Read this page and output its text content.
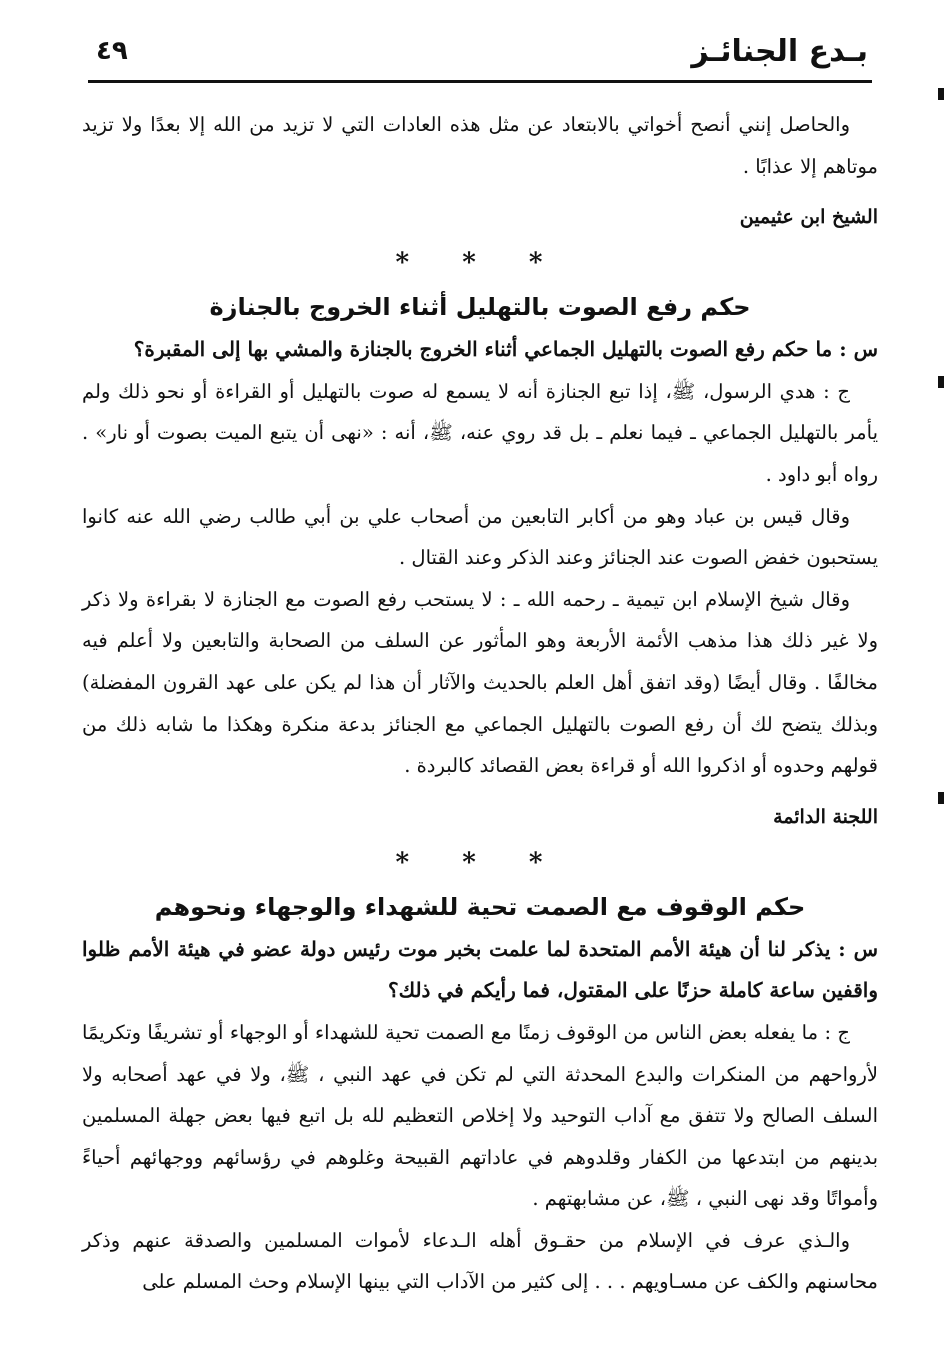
بـدع الجنائـز
٤٩

والحاصل إنني أنصح أخواتي بالابتعاد عن مثل هذه العادات التي لا تزيد من الله إلا بعدًا ولا تزيد موتاهم إلا عذابًا .

الشيخ ابن عثيمين
* * *
حكم رفع الصوت بالتهليل أثناء الخروج بالجنازة

س : ما حكم رفع الصوت بالتهليل الجماعي أثناء الخروج بالجنازة والمشي بها إلى المقبرة؟

ج : هدي الرسول، ﷺ، إذا تبع الجنازة أنه لا يسمع له صوت بالتهليل أو القراءة أو نحو ذلك ولم يأمر بالتهليل الجماعي ـ فيما نعلم ـ بل قد روي عنه، ﷺ، أنه : «نهى أن يتبع الميت بصوت أو نار» . رواه أبو داود .

وقال قيس بن عباد وهو من أكابر التابعين من أصحاب علي بن أبي طالب رضي الله عنه كانوا يستحبون خفض الصوت عند الجنائز وعند الذكر وعند القتال .

وقال شيخ الإسلام ابن تيمية ـ رحمه الله ـ : لا يستحب رفع الصوت مع الجنازة لا بقراءة ولا ذكر ولا غير ذلك هذا مذهب الأئمة الأربعة وهو المأثور عن السلف من الصحابة والتابعين ولا أعلم فيه مخالفًا . وقال أيضًا (وقد اتفق أهل العلم بالحديث والآثار أن هذا لم يكن على عهد القرون المفضلة) وبذلك يتضح لك أن رفع الصوت بالتهليل الجماعي مع الجنائز بدعة منكرة وهكذا ما شابه ذلك من قولهم وحدوه أو اذكروا الله أو قراءة بعض القصائد كالبردة .

اللجنة الدائمة
* * *
حكم الوقوف مع الصمت تحية للشهداء والوجهاء ونحوهم

س : يذكر لنا أن هيئة الأمم المتحدة لما علمت بخبر موت رئيس دولة عضو في هيئة الأمم ظلوا واقفين ساعة كاملة حزنًا على المقتول، فما رأيكم في ذلك؟

ج : ما يفعله بعض الناس من الوقوف زمنًا مع الصمت تحية للشهداء أو الوجهاء أو تشريفًا وتكريمًا لأرواحهم من المنكرات والبدع المحدثة التي لم تكن في عهد النبي ، ﷺ، ولا في عهد أصحابه ولا السلف الصالح ولا تتفق مع آداب التوحيد ولا إخلاص التعظيم لله بل اتبع فيها بعض جهلة المسلمين بدينهم من ابتدعها من الكفار وقلدوهم في عاداتهم القبيحة وغلوهم في رؤسائهم ووجهائهم أحياءً وأمواتًا وقد نهى النبي ، ﷺ، عن مشابهتهم .

والـذي عرف في الإسلام من حقـوق أهله الـدعاء لأموات المسلمين والصدقة عنهم وذكر محاسنهم والكف عن مسـاويهم . . . إلى كثير من الآداب التي بينها الإسلام وحث المسلم على
